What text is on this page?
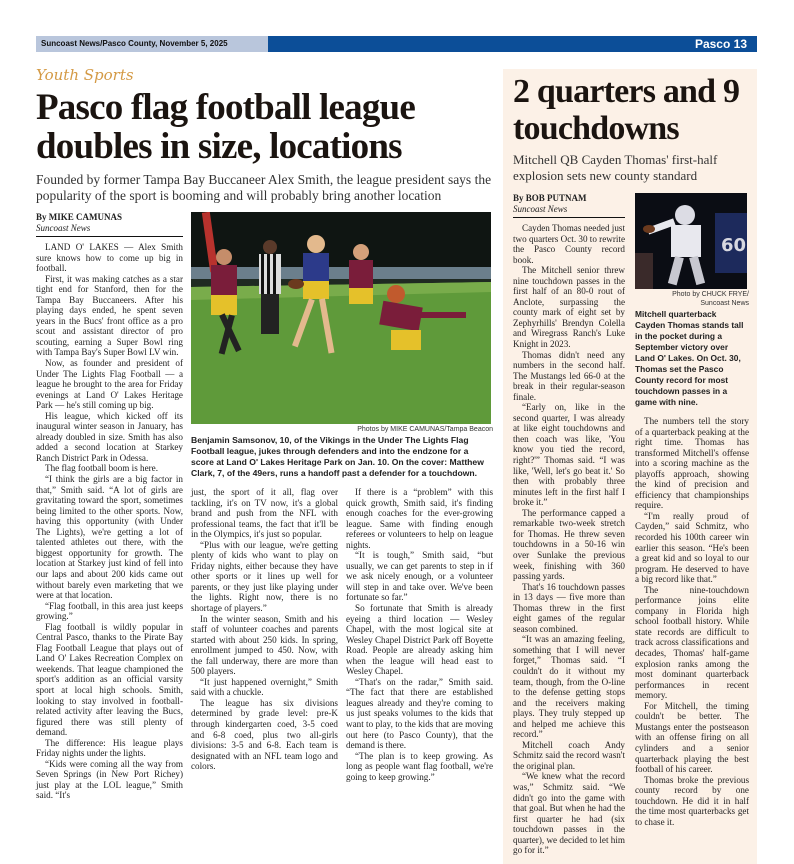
Suncoast News/Pasco County, November 5, 2025	Pasco 13
Youth Sports
Pasco flag football league doubles in size, locations

Founded by former Tampa Bay Buccaneer Alex Smith, the league president says the popularity of the sport is booming and will probably bring another location

By MIKE CAMUNAS
Suncoast News

LAND O' LAKES — Alex Smith sure knows how to come up big in football.

First, it was making catches as a star tight end for Stanford, then for the Tampa Bay Buccaneers. After his playing days ended, he spent seven years in the Bucs' front office as a pro scout and assistant director of pro scouting, earning a Super Bowl ring with Tampa Bay's Super Bowl LV win.

Now, as founder and president of Under The Lights Flag Football — a league he brought to the area for Friday evenings at Land O' Lakes Heritage Park — he's still coming up big.

His league, which kicked off its inaugural winter season in January, has already doubled in size. Smith has also added a second location at Starkey Ranch District Park in Odessa.

The flag football boom is here.

“I think the girls are a big factor in that,” Smith said. “A lot of girls are gravitating toward the sport, sometimes being limited to the other sports. Now, having this opportunity (with Under The Lights), we're getting a lot of talented athletes out there, with the biggest opportunity for growth. The location at Starkey just kind of fell into our laps and about 200 kids came out without barely even marketing that we were at that location.

“Flag football, in this area just keeps growing.”

Flag football is wildly popular in Central Pasco, thanks to the Pirate Bay Flag Football League that plays out of Land O' Lakes Recreation Complex on weekends. That league championed the sport's addition as an official varsity sport at local high schools. Smith, looking to stay involved in football-related activity after leaving the Bucs, figured there was still plenty of demand.

The difference: His league plays Friday nights under the lights.

“Kids were coming all the way from Seven Springs (in New Port Richey) just play at the LOL league,” Smith said. “It's

Photos by MIKE CAMUNAS/Tampa Beacon
Benjamin Samsonov, 10, of the Vikings in the Under The Lights Flag Football league, jukes through defenders and into the endzone for a score at Land O' Lakes Heritage Park on Jan. 10. On the cover: Matthew Clark, 7, of the 49ers, runs a handoff past a defender for a touchdown.

just, the sport of it all, flag over tackling, it's on TV now, it's a global brand and push from the NFL with professional teams, the fact that it'll be in the Olympics, it's just so popular.

“Plus with our league, we're getting plenty of kids who want to play on Friday nights, either because they have other sports or it lines up well for parents, or they just like playing under the lights. Right now, there is no shortage of players.”

In the winter season, Smith and his staff of volunteer coaches and parents started with about 250 kids. In spring, enrollment jumped to 450. Now, with the fall underway, there are more than 500 players.

“It just happened overnight,” Smith said with a chuckle.

The league has six divisions determined by grade level: pre-K through kindergarten coed, 3-5 coed and 6-8 coed, plus two all-girls divisions: 3-5 and 6-8. Each team is designated with an NFL team logo and colors.

If there is a “problem” with this quick growth, Smith said, it's finding enough coaches for the ever-growing league. Same with finding enough referees or volunteers to help on league nights.

“It is tough,” Smith said, “but usually, we can get parents to step in if we ask nicely enough, or a volunteer will step in and take over. We've been fortunate so far.”

So fortunate that Smith is already eyeing a third location — Wesley Chapel, with the most logical site at Wesley Chapel District Park off Boyette Road. People are already asking him when the league will head east to Wesley Chapel.

“That's on the radar,” Smith said. “The fact that there are established leagues already and they're coming to us just speaks volumes to the kids that want to play, to the kids that are moving out here (to Pasco County), that the demand is there.

“The plan is to keep growing. As long as people want flag football, we're going to keep growing.”

2 quarters and 9 touchdowns

Mitchell QB Cayden Thomas' first-half explosion sets new county standard

By BOB PUTNAM
Suncoast News

Cayden Thomas needed just two quarters Oct. 30 to rewrite the Pasco County record book.

The Mitchell senior threw nine touchdown passes in the first half of an 80-0 rout of Anclote, surpassing the county mark of eight set by Zephyrhills' Brendyn Colella and Wiregrass Ranch's Luke Knight in 2023.

Thomas didn't need any numbers in the second half. The Mustangs led 66-0 at the break in their regular-season finale.

“Early on, like in the second quarter, I was already at like eight touchdowns and then coach was like, 'You know you tied the record, right?'” Thomas said. “I was like, 'Well, let's go beat it.' So then with probably three minutes left in the first half I broke it.”

The performance capped a remarkable two-week stretch for Thomas. He threw seven touchdowns in a 50-16 win over Sunlake the previous week, finishing with 360 passing yards.

That's 16 touchdown passes in 13 days — five more than Thomas threw in the first eight games of the regular season combined.

“It was an amazing feeling, something that I will never forget,” Thomas said. “I couldn't do it without my team, though, from the O-line to the defense getting stops and the receivers making plays. They truly stepped up and helped me achieve this record.”

Mitchell coach Andy Schmitz said the record wasn't the original plan.

“We knew what the record was,” Schmitz said. “We didn't go into the game with that goal. But when he had the first quarter he had (six touchdown passes in the quarter), we decided to let him go for it.”

60
Photo by CHUCK FRYE/
Suncoast News
Mitchell quarterback Cayden Thomas stands tall in the pocket during a September victory over Land O' Lakes. On Oct. 30, Thomas set the Pasco County record for most touchdown passes in a game with nine.

The numbers tell the story of a quarterback peaking at the right time. Thomas has transformed Mitchell's offense into a scoring machine as the playoffs approach, showing the kind of precision and efficiency that championships require.

“I'm really proud of Cayden,” said Schmitz, who recorded his 100th career win earlier this season. “He's been a great kid and so loyal to our program. He deserved to have a big record like that.”

The nine-touchdown performance joins elite company in Florida high school football history. While state records are difficult to track across classifications and decades, Thomas' half-game explosion ranks among the most dominant quarterback performances in recent memory.

For Mitchell, the timing couldn't be better. The Mustangs enter the postseason with an offense firing on all cylinders and a senior quarterback playing the best football of his career.

Thomas broke the previous county record by one touchdown. He did it in half the time most quarterbacks get to chase it.
